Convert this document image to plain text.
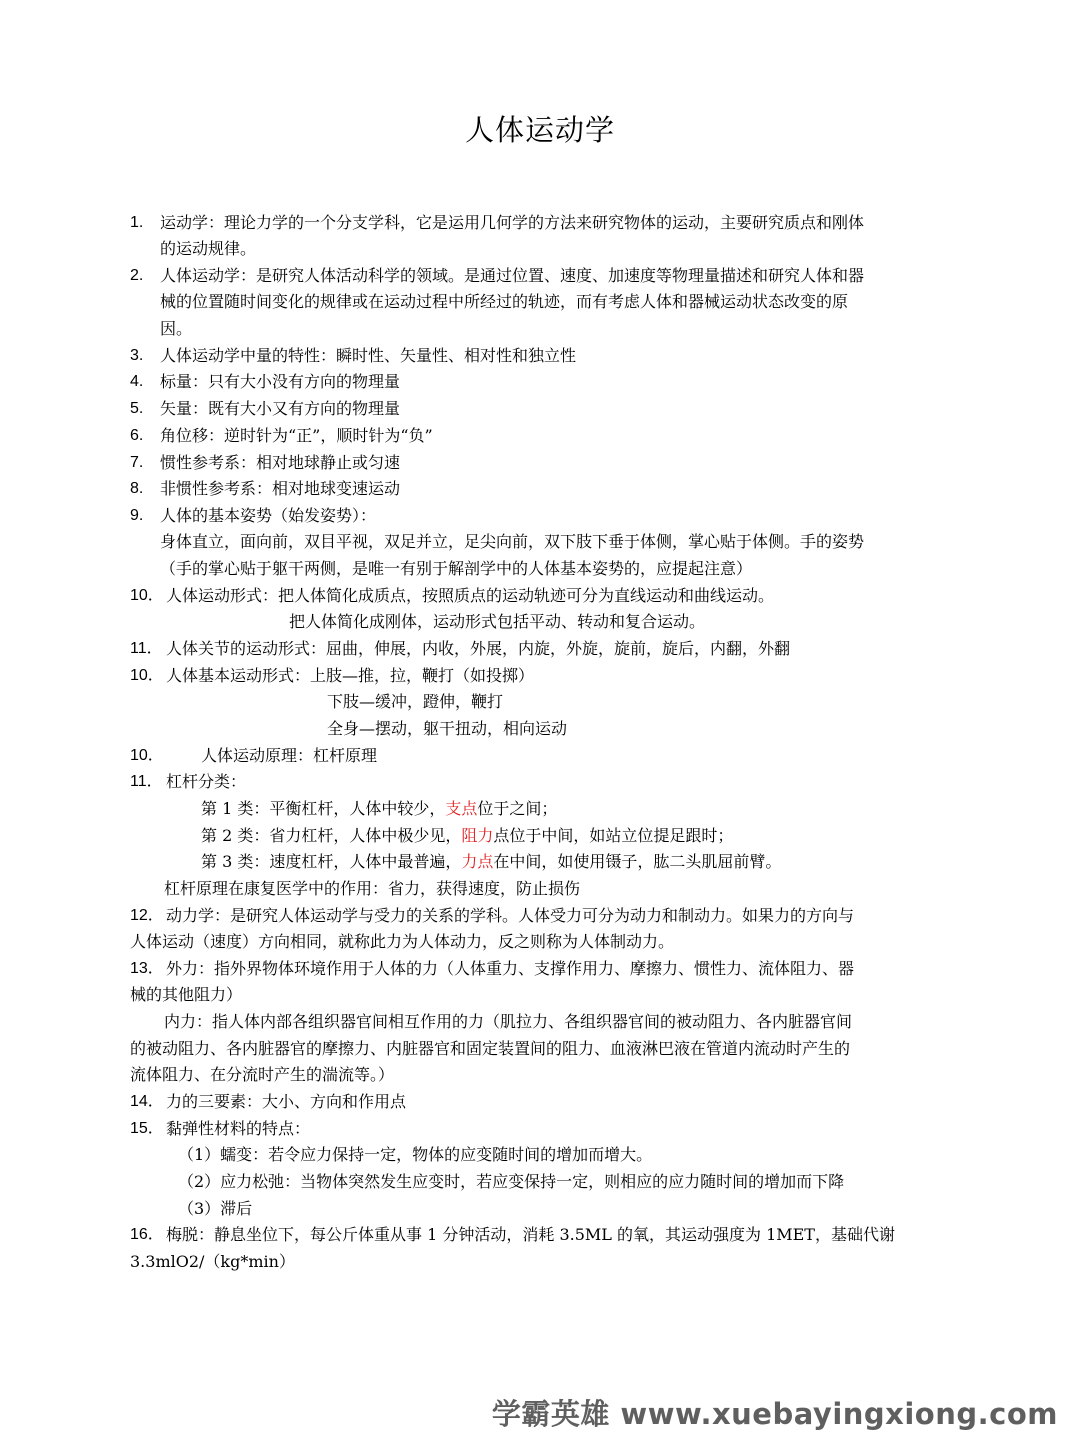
人体运动学
1. 运动学：理论力学的一个分支学科，它是运用几何学的方法来研究物体的运动，主要研究质点和刚体
的运动规律。
2. 人体运动学：是研究人体活动科学的领域。是通过位置、速度、加速度等物理量描述和研究人体和器
械的位置随时间变化的规律或在运动过程中所经过的轨迹，而有考虑人体和器械运动状态改变的原
因。
3. 人体运动学中量的特性：瞬时性、矢量性、相对性和独立性
4. 标量：只有大小没有方向的物理量
5. 矢量：既有大小又有方向的物理量
6. 角位移：逆时针为“正”，顺时针为“负”
7. 惯性参考系：相对地球静止或匀速
8. 非惯性参考系：相对地球变速运动
9. 人体的基本姿势（始发姿势）：
身体直立，面向前，双目平视，双足并立，足尖向前，双下肢下垂于体侧，掌心贴于体侧。手的姿势
（手的掌心贴于躯干两侧，是唯一有别于解剖学中的人体基本姿势的，应提起注意）
10． 人体运动形式：把人体简化成质点，按照质点的运动轨迹可分为直线运动和曲线运动。
把人体简化成刚体，运动形式包括平动、转动和复合运动。
11． 人体关节的运动形式：屈曲，伸展，内收，外展，内旋，外旋，旋前，旋后，内翻，外翻
10． 人体基本运动形式：上肢—推，拉，鞭打（如投掷）
下肢—缓冲，蹬伸，鞭打
全身—摆动，躯干扭动，相向运动
10． 人体运动原理：杠杆原理
11． 杠杆分类：
第 1 类：平衡杠杆，人体中较少，支点位于之间；
第 2 类：省力杠杆，人体中极少见，阻力点位于中间，如站立位提足跟时；
第 3 类：速度杠杆，人体中最普遍，力点在中间，如使用镊子，肱二头肌屈前臂。
杠杆原理在康复医学中的作用：省力，获得速度，防止损伤
12． 动力学：是研究人体运动学与受力的关系的学科。人体受力可分为动力和制动力。如果力的方向与
人体运动（速度）方向相同，就称此力为人体动力，反之则称为人体制动力。
13． 外力：指外界物体环境作用于人体的力（人体重力、支撑作用力、摩擦力、惯性力、流体阻力、器
械的其他阻力）
内力：指人体内部各组织器官间相互作用的力（肌拉力、各组织器官间的被动阻力、各内脏器官间
的被动阻力、各内脏器官的摩擦力、内脏器官和固定装置间的阻力、血液淋巴液在管道内流动时产生的
流体阻力、在分流时产生的湍流等。）
14． 力的三要素：大小、方向和作用点
15． 黏弹性材料的特点：
（1）蠕变：若令应力保持一定，物体的应变随时间的增加而增大。
（2）应力松弛：当物体突然发生应变时，若应变保持一定，则相应的应力随时间的增加而下降
（3）滞后
16． 梅脱：静息坐位下，每公斤体重从事 1 分钟活动，消耗 3.5ML 的氧，其运动强度为 1MET，基础代谢
3.3mlO2/（kg*min）
学霸英雄 www.xuebayingxiong.com
